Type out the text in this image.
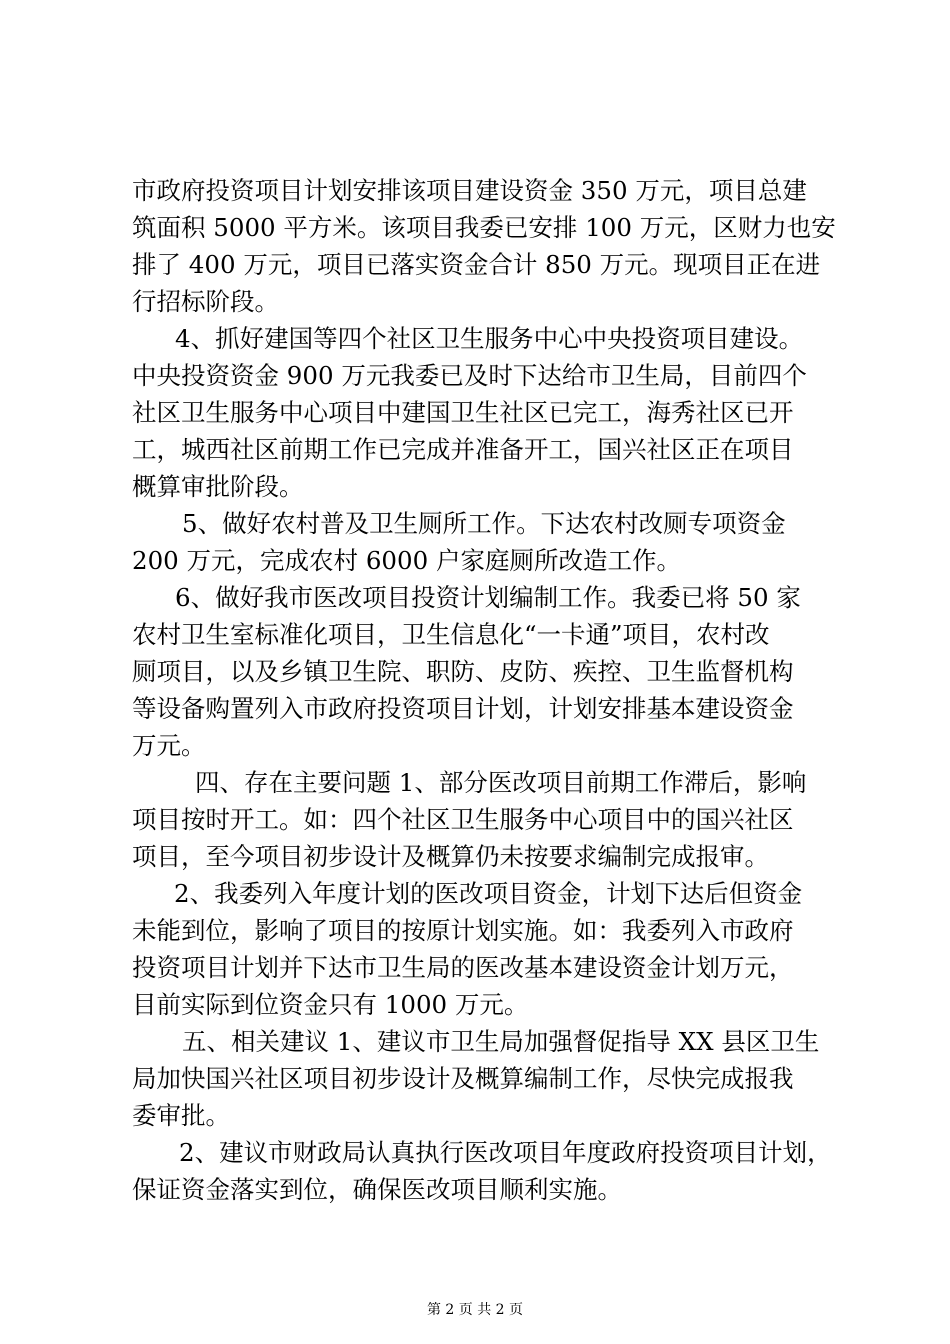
市政府投资项目计划安排该项目建设资金 350 万元，项目总建
筑面积 5000 平方米。该项目我委已安排 100 万元，区财力也安
排了 400 万元，项目已落实资金合计 850 万元。现项目正在进
行招标阶段。
4、抓好建国等四个社区卫生服务中心中央投资项目建设。
中央投资资金 900 万元我委已及时下达给市卫生局，目前四个
社区卫生服务中心项目中建国卫生社区已完工，海秀社区已开
工，城西社区前期工作已完成并准备开工，国兴社区正在项目
概算审批阶段。
5、做好农村普及卫生厕所工作。下达农村改厕专项资金
200 万元，完成农村 6000 户家庭厕所改造工作。
6、做好我市医改项目投资计划编制工作。我委已将 50 家
农村卫生室标准化项目，卫生信息化“一卡通”项目，农村改
厕项目，以及乡镇卫生院、职防、皮防、疾控、卫生监督机构
等设备购置列入市政府投资项目计划，计划安排基本建设资金
万元。
四、存在主要问题 1、部分医改项目前期工作滞后，影响
项目按时开工。如：四个社区卫生服务中心项目中的国兴社区
项目，至今项目初步设计及概算仍未按要求编制完成报审。
2、我委列入年度计划的医改项目资金，计划下达后但资金
未能到位，影响了项目的按原计划实施。如：我委列入市政府
投资项目计划并下达市卫生局的医改基本建设资金计划万元，
目前实际到位资金只有 1000 万元。
五、相关建议 1、建议市卫生局加强督促指导 XX 县区卫生
局加快国兴社区项目初步设计及概算编制工作，尽快完成报我
委审批。
2、建议市财政局认真执行医改项目年度政府投资项目计划，
保证资金落实到位，确保医改项目顺利实施。
第 2 页 共 2 页
